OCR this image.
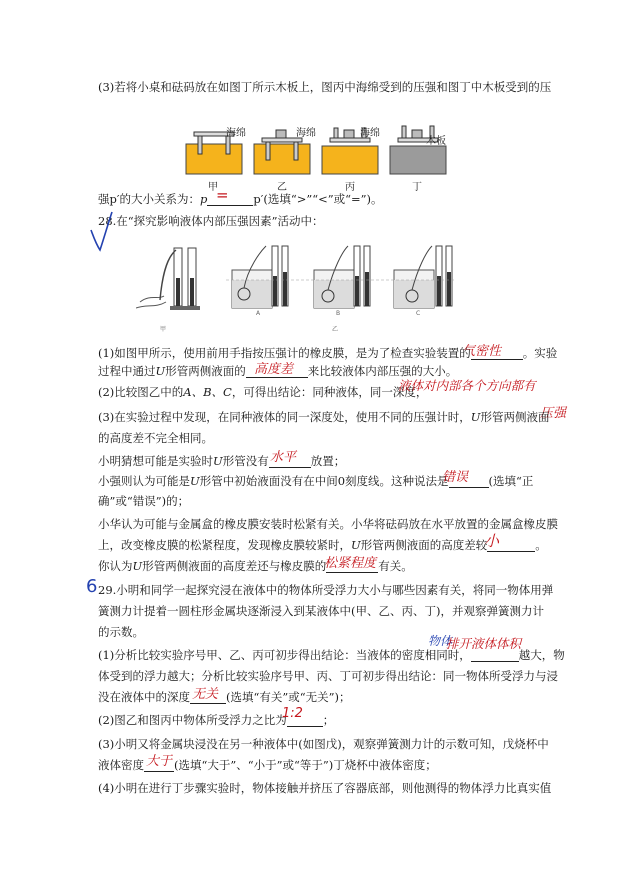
(3)若将小桌和砝码放在如图丁所示木板上，图丙中海绵受到的压强和图丁中木板受到的压
海绵	海绵	海绵
木板
甲	乙	丙	丁
强p′的大小关系为：p	p′(选填“>”“<”或“=”)。
=
28.在“探究影响液体内部压强因素”活动中：
甲
A	B	C
乙
(1)如图甲所示，使用前用手指按压强计的橡皮膜，是为了检查实验装置的	。实验
气密性
过程中通过U形管两侧液面的	来比较液体内部压强的大小。
高度差
(2)比较图乙中的A、B、C，可得出结论：同种液体，同一深度，
液体对内部各个方向都有
压强
(3)在实验过程中发现，在同种液体的同一深度处，使用不同的压强计时，U形管两侧液面
的高度差不完全相同。
小明猜想可能是实验时U形管没有	放置；
水平
小强则认为可能是U形管中初始液面没有在中间0刻度线。这种说法是	(选填“正
错误
确”或“错误”)的；
小华认为可能与金属盒的橡皮膜安装时松紧有关。小华将砝码放在水平放置的金属盒橡皮膜
上，改变橡皮膜的松紧程度，发现橡皮膜较紧时，U形管两侧液面的高度差较	。
小
你认为U形管两侧液面的高度差还与橡皮膜的	有关。
松紧程度
6 29.小明和同学一起探究浸在液体中的物体所受浮力大小与哪些因素有关，将同一物体用弹
簧测力计提着一圆柱形金属块逐渐浸入到某液体中(甲、乙、丙、丁)，并观察弹簧测力计
的示数。
物体
(1)分析比较实验序号甲、乙、丙可初步得出结论：当液体的密度相同时，	越大，物
排开液体体积
体受到的浮力越大；分析比较实验序号甲、丙、丁可初步得出结论：同一物体所受浮力与浸
没在液体中的深度	(选填“有关”或“无关”)；
无关
(2)图乙和图丙中物体所受浮力之比为	；
1:2
(3)小明又将金属块浸没在另一种液体中(如图戊)，观察弹簧测力计的示数可知，戊烧杯中
液体密度	(选填“大于”、“小于”或“等于”)丁烧杯中液体密度；
大于
(4)小明在进行丁步骤实验时，物体接触并挤压了容器底部，则他测得的物体浮力比真实值
